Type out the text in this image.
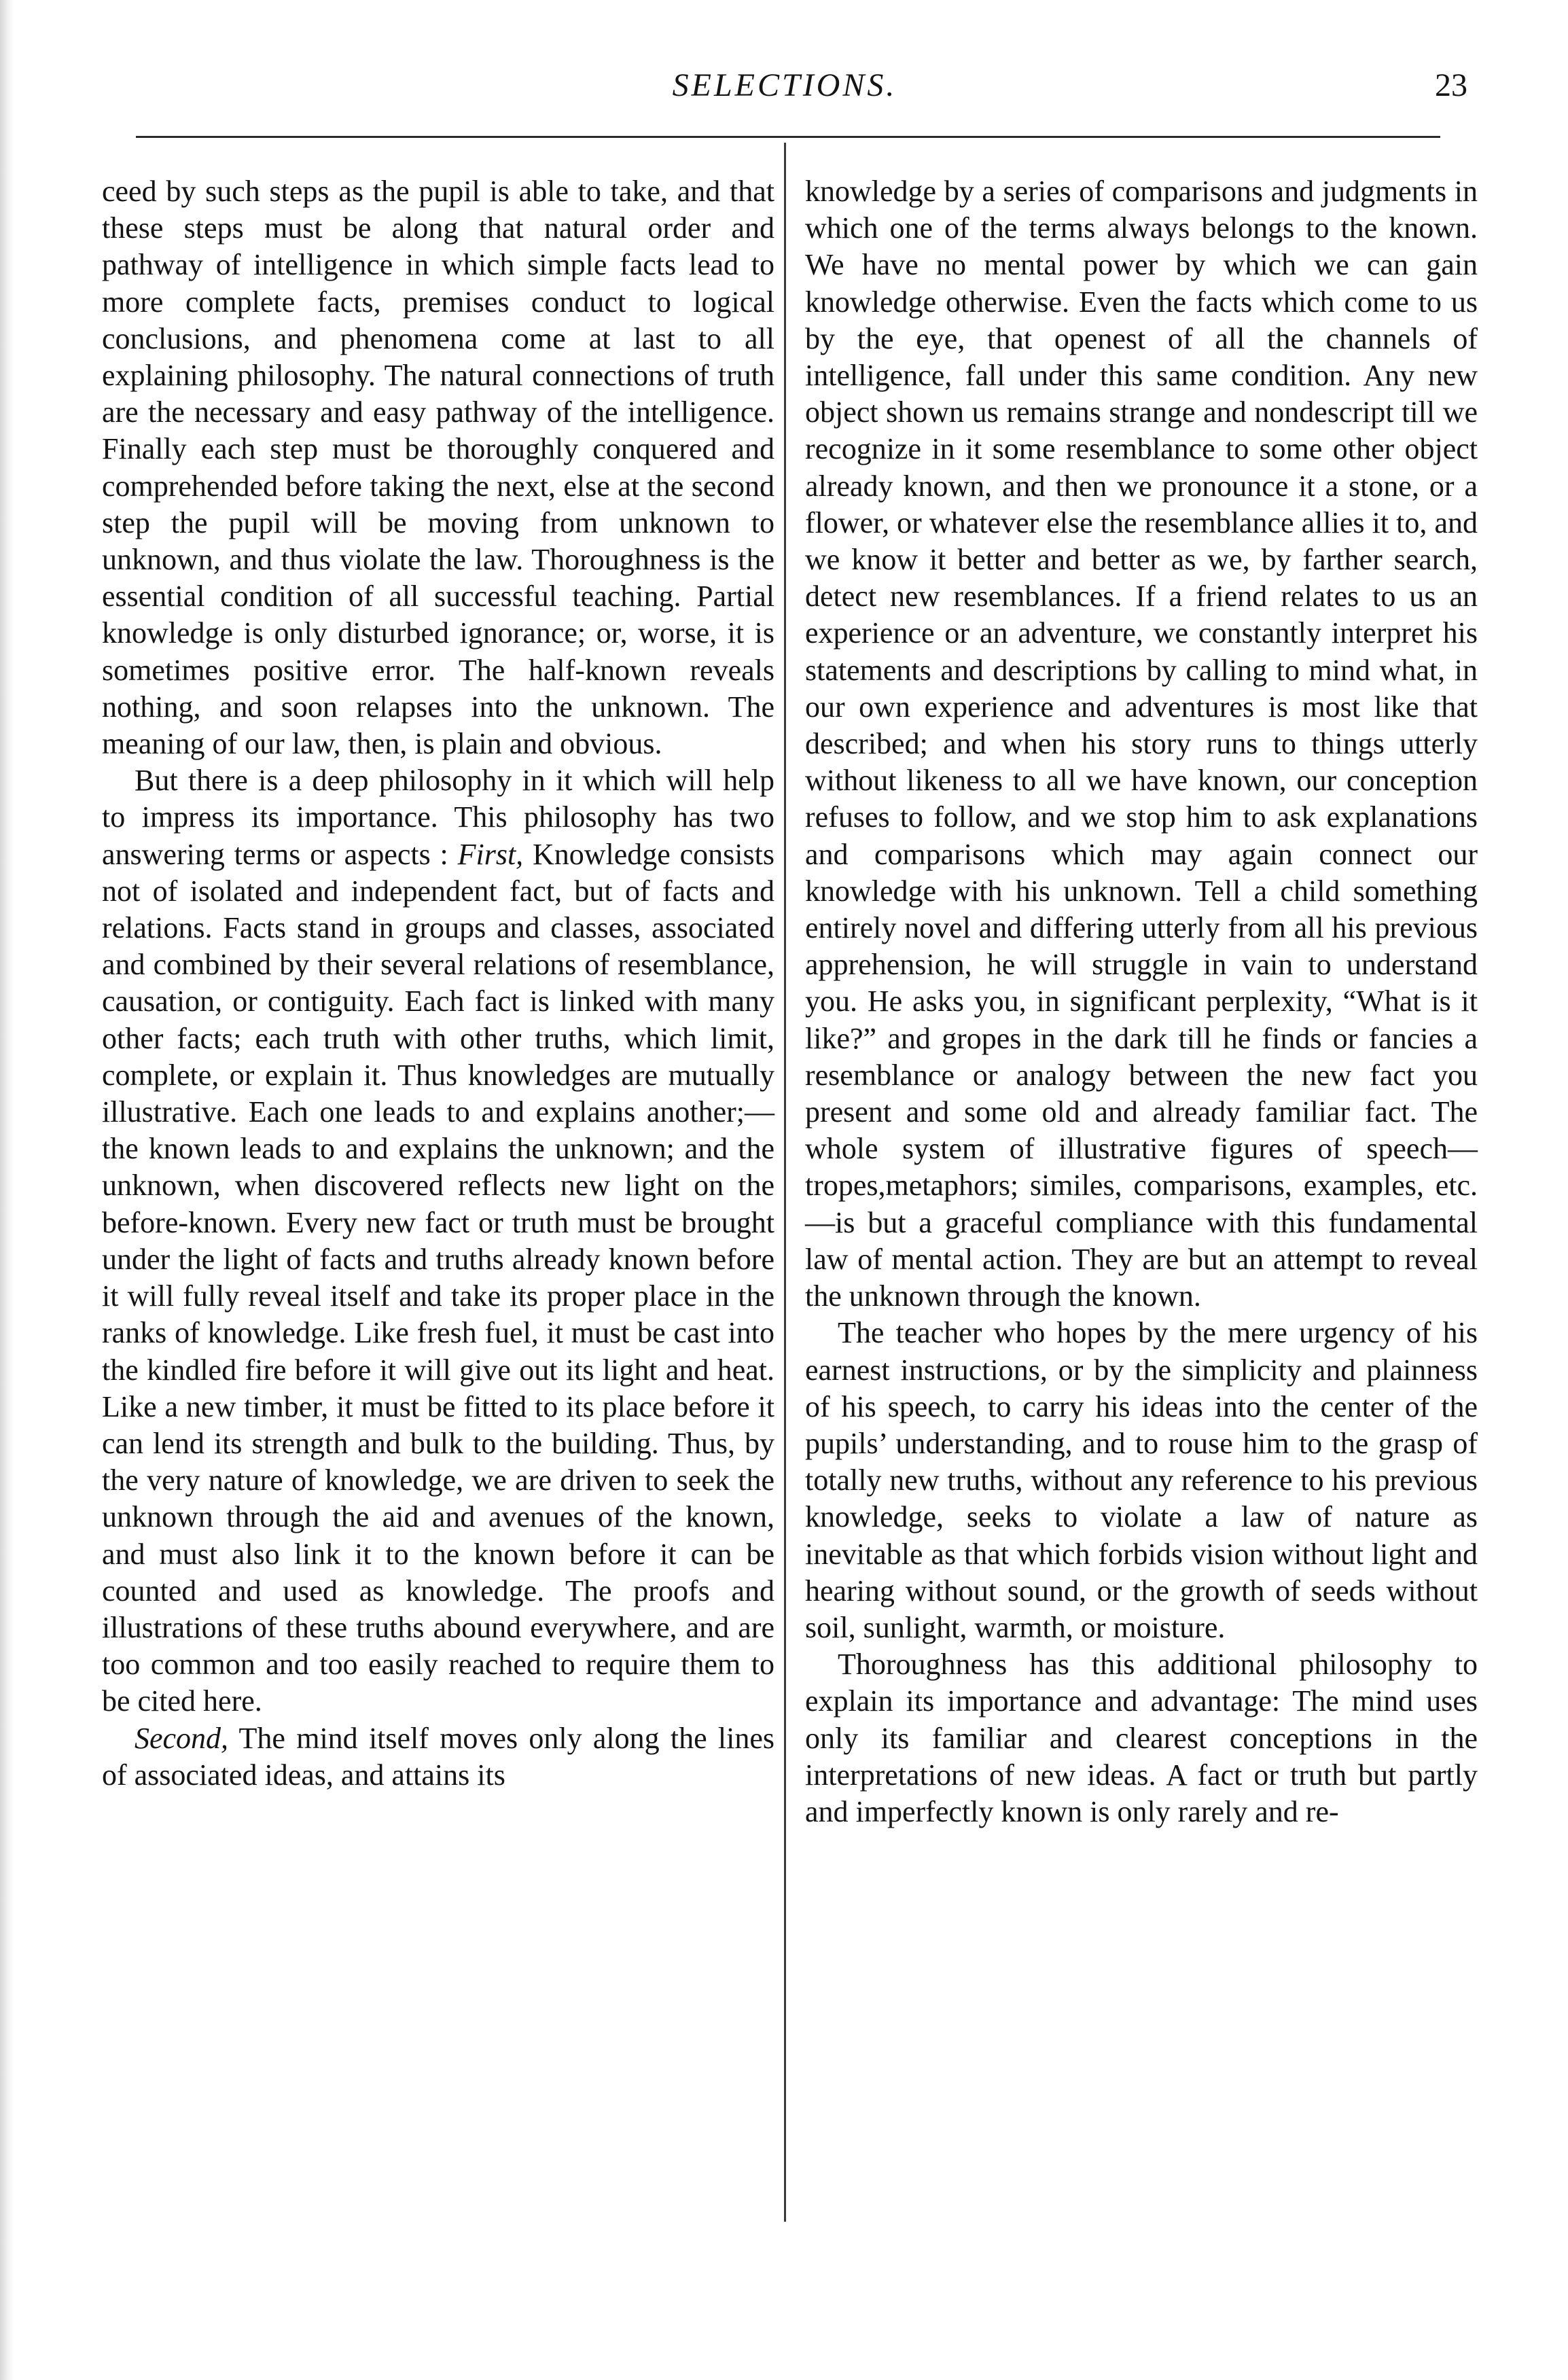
SELECTIONS.	23

ceed by such steps as the pupil is able to take, and that these steps must be along that natural order and pathway of intelligence in which simple facts lead to more complete facts, premises conduct to logical conclusions, and phenomena come at last to all explaining philosophy. The natural connections of truth are the necessary and easy pathway of the intelligence. Finally each step must be thoroughly conquered and comprehended before taking the next, else at the second step the pupil will be moving from unknown to unknown, and thus violate the law. Thoroughness is the essential condition of all successful teaching. Partial knowledge is only disturbed ignorance; or, worse, it is sometimes positive error. The half-known reveals nothing, and soon relapses into the unknown. The meaning of our law, then, is plain and obvious.

But there is a deep philosophy in it which will help to impress its importance. This philosophy has two answering terms or aspects : First, Knowledge consists not of isolated and independent fact, but of facts and relations. Facts stand in groups and classes, associated and combined by their several relations of resemblance, causation, or contiguity. Each fact is linked with many other facts; each truth with other truths, which limit, complete, or explain it. Thus knowledges are mutually illustrative. Each one leads to and explains another;— the known leads to and explains the unknown; and the unknown, when discovered reflects new light on the before-known. Every new fact or truth must be brought under the light of facts and truths already known before it will fully reveal itself and take its proper place in the ranks of knowledge. Like fresh fuel, it must be cast into the kindled fire before it will give out its light and heat. Like a new timber, it must be fitted to its place before it can lend its strength and bulk to the building. Thus, by the very nature of knowledge, we are driven to seek the unknown through the aid and avenues of the known, and must also link it to the known before it can be counted and used as knowledge. The proofs and illustrations of these truths abound everywhere, and are too common and too easily reached to require them to be cited here.

Second, The mind itself moves only along the lines of associated ideas, and attains its

knowledge by a series of comparisons and judgments in which one of the terms always belongs to the known. We have no mental power by which we can gain knowledge otherwise. Even the facts which come to us by the eye, that openest of all the channels of intelligence, fall under this same condition. Any new object shown us remains strange and nondescript till we recognize in it some resemblance to some other object already known, and then we pronounce it a stone, or a flower, or whatever else the resemblance allies it to, and we know it better and better as we, by farther search, detect new resemblances. If a friend relates to us an experience or an adventure, we constantly interpret his statements and descriptions by calling to mind what, in our own experience and adventures is most like that described; and when his story runs to things utterly without likeness to all we have known, our conception refuses to follow, and we stop him to ask explanations and comparisons which may again connect our knowledge with his unknown. Tell a child something entirely novel and differing utterly from all his previous apprehension, he will struggle in vain to understand you. He asks you, in significant perplexity, “What is it like?” and gropes in the dark till he finds or fancies a resemblance or analogy between the new fact you present and some old and already familiar fact. The whole system of illustrative figures of speech—tropes,metaphors; similes, comparisons, examples, etc.—is but a graceful compliance with this fundamental law of mental action. They are but an attempt to reveal the unknown through the known.

The teacher who hopes by the mere urgency of his earnest instructions, or by the simplicity and plainness of his speech, to carry his ideas into the center of the pupils’ understanding, and to rouse him to the grasp of totally new truths, without any reference to his previous knowledge, seeks to violate a law of nature as inevitable as that which forbids vision without light and hearing without sound, or the growth of seeds without soil, sunlight, warmth, or moisture.

Thoroughness has this additional philosophy to explain its importance and advantage: The mind uses only its familiar and clearest conceptions in the interpretations of new ideas. A fact or truth but partly and imperfectly known is only rarely and re-
